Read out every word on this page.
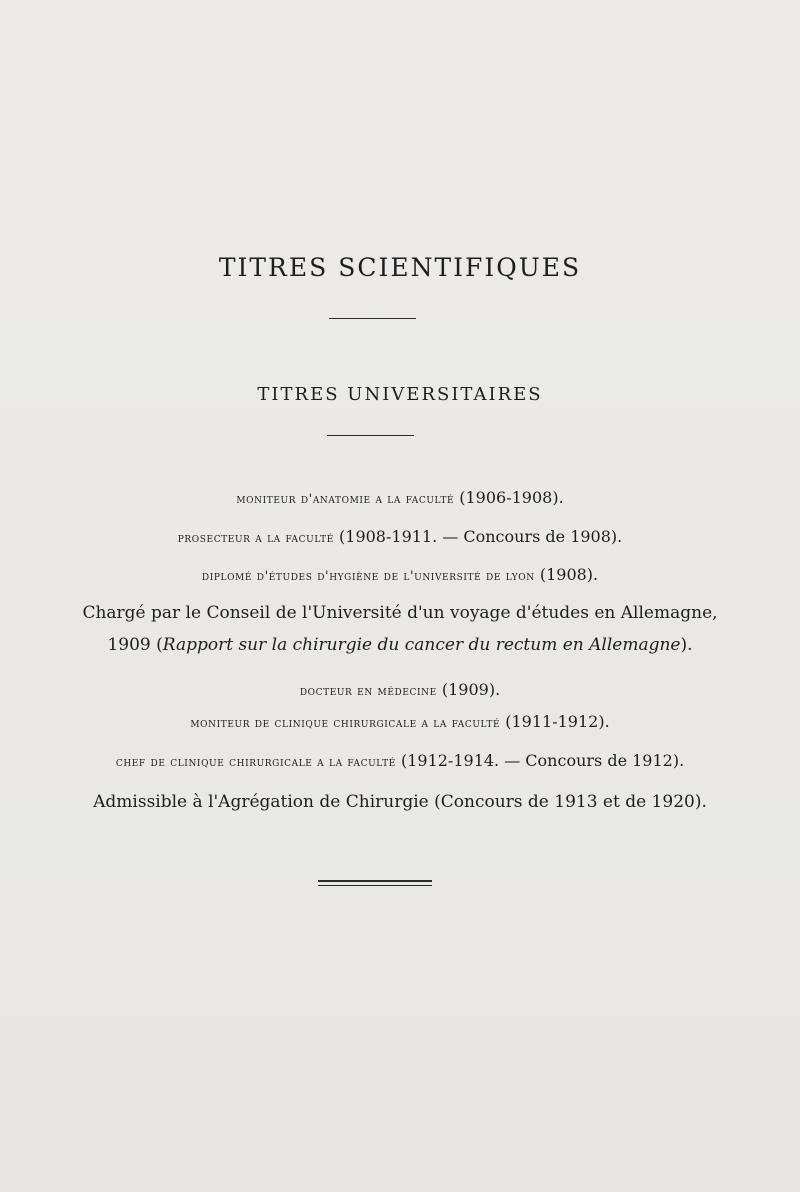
TITRES SCIENTIFIQUES
TITRES UNIVERSITAIRES

moniteur d'anatomie a la faculté (1906-1908).

prosecteur a la faculté (1908-1911. — Concours de 1908).

diplomé d'études d'hygiène de l'université de lyon (1908).

Chargé par le Conseil de l'Université d'un voyage d'études en Allemagne,

1909 (Rapport sur la chirurgie du cancer du rectum en Allemagne).

docteur en médecine (1909).

moniteur de clinique chirurgicale a la faculté (1911-1912).

chef de clinique chirurgicale a la faculté (1912-1914. — Concours de 1912).

Admissible à l'Agrégation de Chirurgie (Concours de 1913 et de 1920).
